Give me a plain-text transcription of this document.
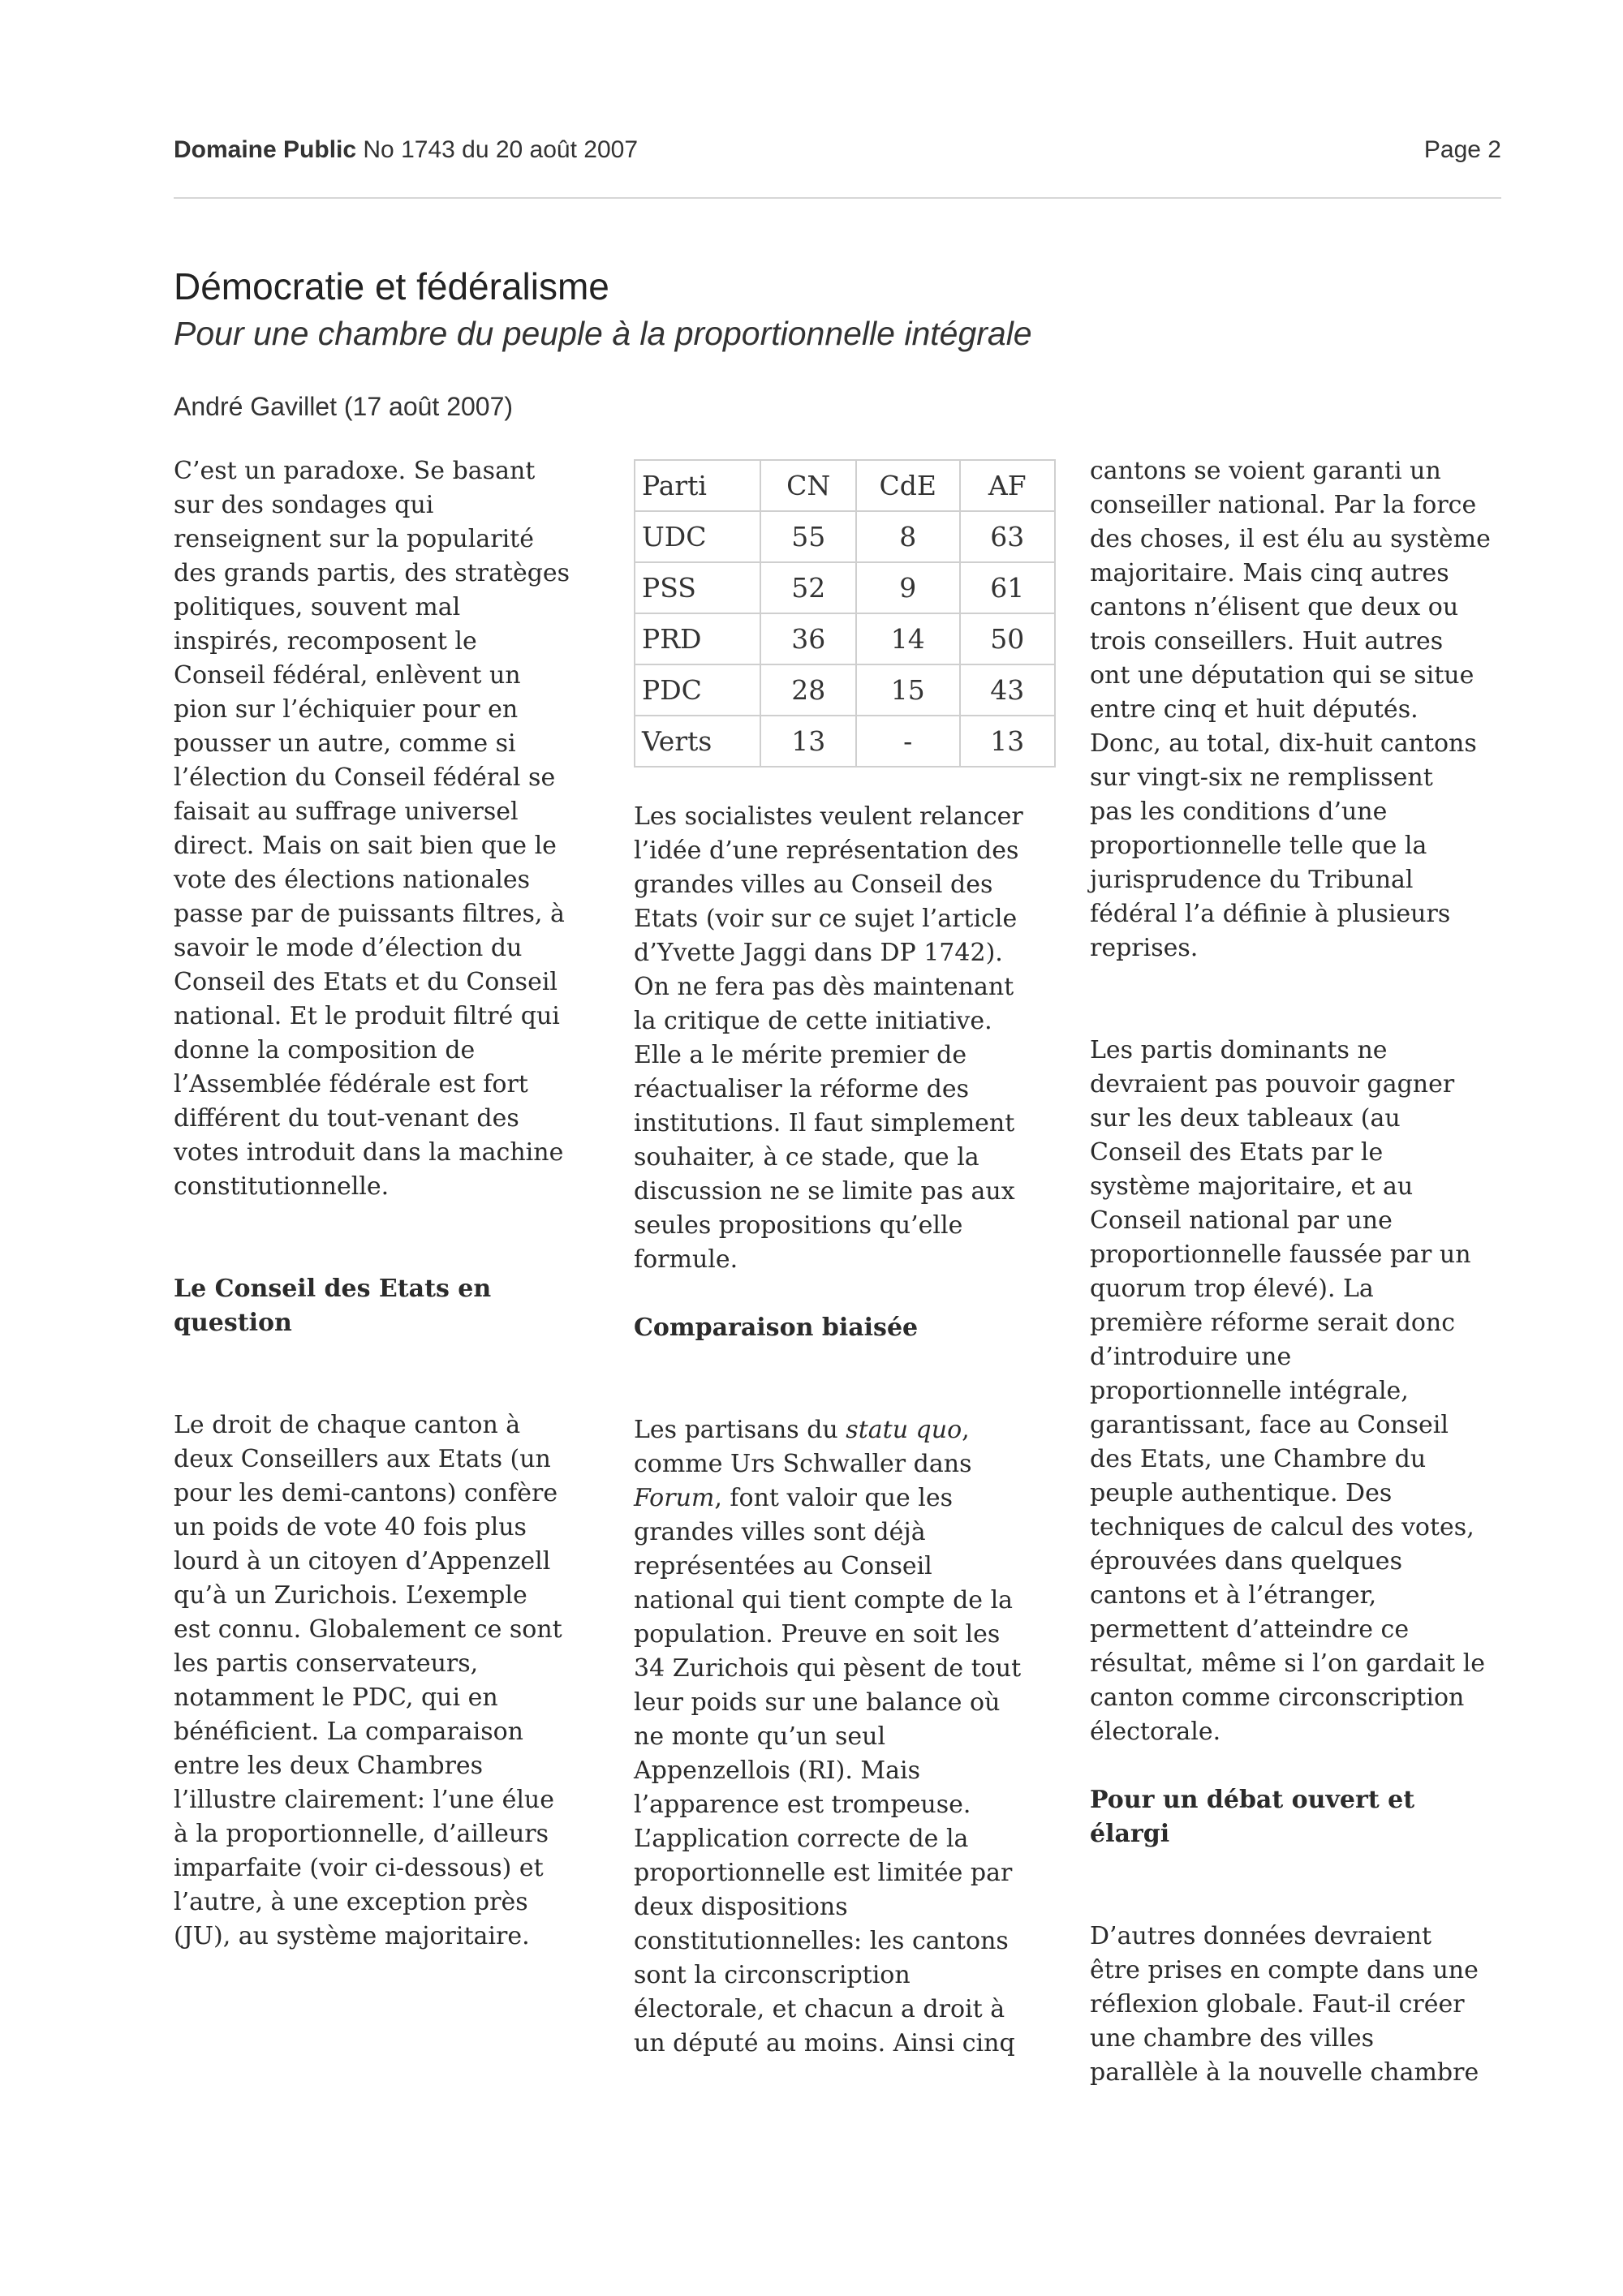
Domaine Public No 1743 du 20 août 2007	Page 2
Démocratie et fédéralisme
Pour une chambre du peuple à la proportionnelle intégrale
André Gavillet (17 août 2007)
C’est un paradoxe. Se basant
sur des sondages qui
renseignent sur la popularité
des grands partis, des stratèges
politiques, souvent mal
inspirés, recomposent le
Conseil fédéral, enlèvent un
pion sur l’échiquier pour en
pousser un autre, comme si
l’élection du Conseil fédéral se
faisait au suffrage universel
direct. Mais on sait bien que le
vote des élections nationales
passe par de puissants filtres, à
savoir le mode d’élection du
Conseil des Etats et du Conseil
national. Et le produit filtré qui
donne la composition de
l’Assemblée fédérale est fort
différent du tout-venant des
votes introduit dans la machine
constitutionnelle.
Le Conseil des Etats en
question
Le droit de chaque canton à
deux Conseillers aux Etats (un
pour les demi-cantons) confère
un poids de vote 40 fois plus
lourd à un citoyen d’Appenzell
qu’à un Zurichois. L’exemple
est connu. Globalement ce sont
les partis conservateurs,
notamment le PDC, qui en
bénéficient. La comparaison
entre les deux Chambres
l’illustre clairement: l’une élue
à la proportionnelle, d’ailleurs
imparfaite (voir ci-dessous) et
l’autre, à une exception près
(JU), au système majoritaire.
Parti	CN	CdE	AF
UDC	55	8	63
PSS	52	9	61
PRD	36	14	50
PDC	28	15	43
Verts	13	-	13
Les socialistes veulent relancer
l’idée d’une représentation des
grandes villes au Conseil des
Etats (voir sur ce sujet l’article
d’Yvette Jaggi dans DP 1742).
On ne fera pas dès maintenant
la critique de cette initiative.
Elle a le mérite premier de
réactualiser la réforme des
institutions. Il faut simplement
souhaiter, à ce stade, que la
discussion ne se limite pas aux
seules propositions qu’elle
formule.
Comparaison biaisée
Les partisans du statu quo,
comme Urs Schwaller dans
Forum, font valoir que les
grandes villes sont déjà
représentées au Conseil
national qui tient compte de la
population. Preuve en soit les
34 Zurichois qui pèsent de tout
leur poids sur une balance où
ne monte qu’un seul
Appenzellois (RI). Mais
l’apparence est trompeuse.
L’application correcte de la
proportionnelle est limitée par
deux dispositions
constitutionnelles: les cantons
sont la circonscription
électorale, et chacun a droit à
un député au moins. Ainsi cinq
cantons se voient garanti un
conseiller national. Par la force
des choses, il est élu au système
majoritaire. Mais cinq autres
cantons n’élisent que deux ou
trois conseillers. Huit autres
ont une députation qui se situe
entre cinq et huit députés.
Donc, au total, dix-huit cantons
sur vingt-six ne remplissent
pas les conditions d’une
proportionnelle telle que la
jurisprudence du Tribunal
fédéral l’a définie à plusieurs
reprises.
Les partis dominants ne
devraient pas pouvoir gagner
sur les deux tableaux (au
Conseil des Etats par le
système majoritaire, et au
Conseil national par une
proportionnelle faussée par un
quorum trop élevé). La
première réforme serait donc
d’introduire une
proportionnelle intégrale,
garantissant, face au Conseil
des Etats, une Chambre du
peuple authentique. Des
techniques de calcul des votes,
éprouvées dans quelques
cantons et à l’étranger,
permettent d’atteindre ce
résultat, même si l’on gardait le
canton comme circonscription
électorale.
Pour un débat ouvert et
élargi
D’autres données devraient
être prises en compte dans une
réflexion globale. Faut-il créer
une chambre des villes
parallèle à la nouvelle chambre
